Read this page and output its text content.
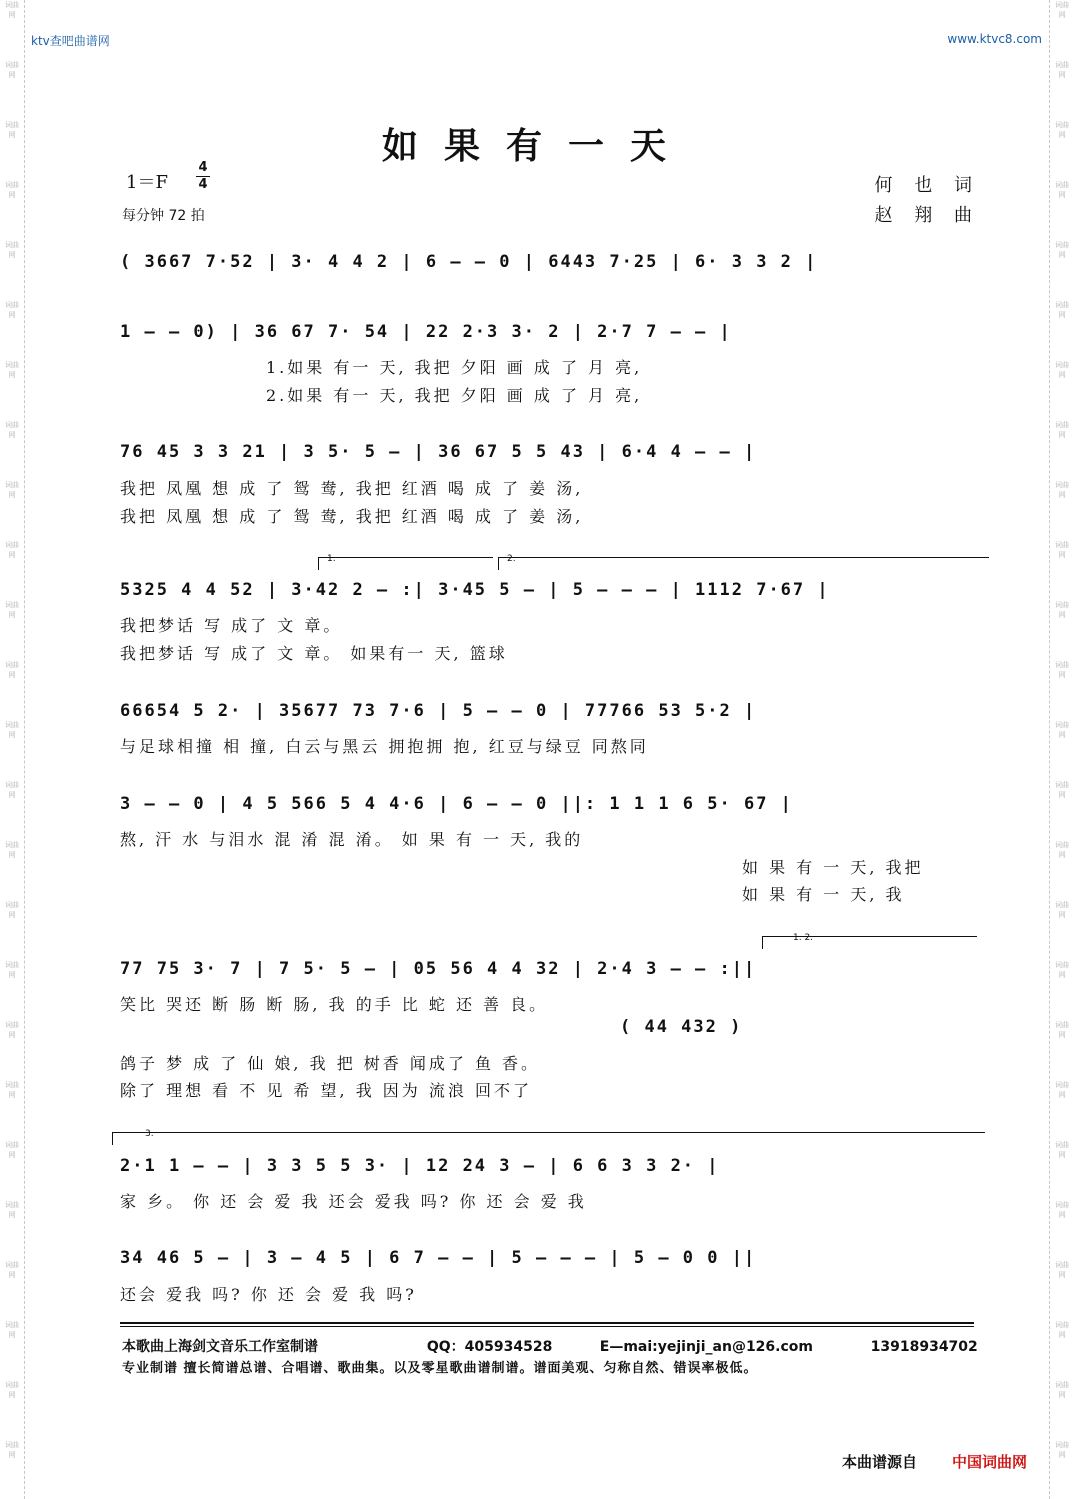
词曲网
词曲网
词曲网
词曲网
词曲网
词曲网
词曲网
词曲网
词曲网
词曲网
词曲网
词曲网
词曲网
词曲网
词曲网
词曲网
词曲网
词曲网
词曲网
词曲网
词曲网
词曲网
词曲网
词曲网
词曲网
词曲网
词曲网
词曲网
词曲网
词曲网
词曲网
词曲网
词曲网
词曲网
词曲网
词曲网
词曲网
词曲网
词曲网
词曲网
词曲网
词曲网
词曲网
词曲网
词曲网
词曲网
词曲网
词曲网
词曲网
词曲网
ktv查吧曲谱网	www.ktvc8.com
如果有一天
$1=F \frac{4}{4}$
每分钟 72 拍
何 也 词
赵 翔 曲
( 3667 7·52 | 3· 4 4 2 | 6 — — 0 | 6443 7·25 | 6· 3 3 2 |
1 — — 0) | 36 67 7· 54 | 22 2·3 3· 2 | 2·7 7 — — |
1.如果 有一 天, 我把 夕阳 画 成 了 月 亮,
2.如果 有一 天, 我把 夕阳 画 成 了 月 亮,
76 45 3 3 21 | 3 5· 5 — | 36 67 5 5 43 | 6·4 4 — — |
我把 凤凰 想 成 了 鸳 鸯, 我把 红酒 喝 成 了 姜 汤,
我把 凤凰 想 成 了 鸳 鸯, 我把 红酒 喝 成 了 姜 汤,
1.	2.
5325 4 4 52 | 3·42 2 — :| 3·45 5 — | 5 — — — | 1112 7·67 |
我把梦话 写 成了 文 章。
我把梦话 写 成了 文 章。 如果有一 天, 篮球
66654 5 2· | 35677 73 7·6 | 5 — — 0 | 77766 53 5·2 |
与足球相撞 相 撞, 白云与黑云 拥抱拥 抱, 红豆与绿豆 同熬同
3 — — 0 | 4 5 566 5 4 4·6 | 6 — — 0 ||: 1 1 1 6 5· 67 |
熬, 汗 水 与泪水 混 淆 混 淆。 如 果 有 一 天, 我的
如 果 有 一 天, 我把
如 果 有 一 天, 我
1. 2.
77 75 3· 7 | 7 5· 5 — | 05 56 4 4 32 | 2·4 3 — — :||
笑比 哭还 断 肠 断 肠, 我 的手 比 蛇 还 善 良。
( 44 432 )
鸽子 梦 成 了 仙 娘, 我 把 树香 闻成了 鱼 香。
除了 理想 看 不 见 希 望, 我 因为 流浪 回不了
3.
2·1 1 — — | 3 3 5 5 3· | 12 24 3 — | 6 6 3 3 2· |
家 乡。 你 还 会 爱 我 还会 爱我 吗? 你 还 会 爱 我
34 46 5 — | 3 — 4 5 | 6 7 — — | 5 — — — | 5 — 0 0 ||
还会 爱我 吗? 你 还 会 爱 我 吗?
本歌曲上海剑文音乐工作室制谱	QQ：405934528	E—mai:yejinji_an@126.com	13918934702
专业制谱 擅长简谱总谱、合唱谱、歌曲集。以及零星歌曲谱制谱。谱面美观、匀称自然、错误率极低。
本曲谱源自 中国词曲网
